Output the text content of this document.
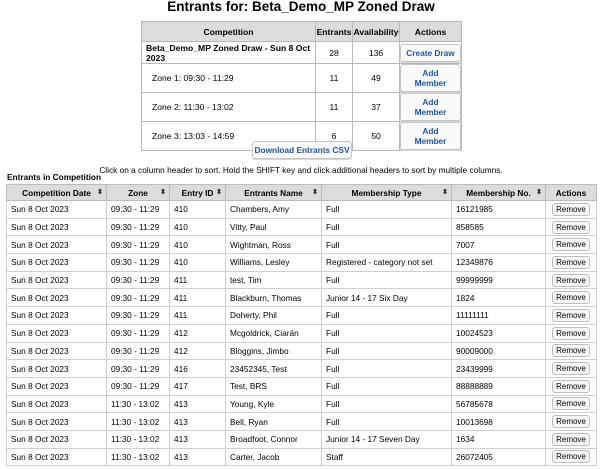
Entrants for: Beta_Demo_MP Zoned Draw
Competition	Entrants	Availability	Actions
Beta_Demo_MP Zoned Draw - Sun 8 Oct 2023	28	136	Create Draw
Zone 1: 09:30 - 11:29	11	49	Add Member
Zone 2: 11:30 - 13:02	11	37	Add Member
Zone 3: 13:03 - 14:59	6	50	Add Member
Download Entrants CSV
Click on a column header to sort. Hold the SHIFT key and click additional headers to sort by multiple columns.
Entrants in Competition
Competition Date ⬍	Zone ⬍	Entry ID ⬍	Entrants Name ⬍	Membership Type ⬍	Membership No. ⬍	Actions
Sun 8 Oct 2023	09:30 - 11:29	410	Chambers, Amy	Full	16121985	Remove
Sun 8 Oct 2023	09:30 - 11:29	410	Vitty, Paul	Full	858585	Remove
Sun 8 Oct 2023	09:30 - 11:29	410	Wightman, Ross	Full	7007	Remove
Sun 8 Oct 2023	09:30 - 11:29	410	Williams, Lesley	Registered - category not set	12349876	Remove
Sun 8 Oct 2023	09:30 - 11:29	411	test, Tim	Full	99999999	Remove
Sun 8 Oct 2023	09:30 - 11:29	411	Blackburn, Thomas	Junior 14 - 17 Six Day	1824	Remove
Sun 8 Oct 2023	09:30 - 11:29	411	Doherty, Phil	Full	11111111	Remove
Sun 8 Oct 2023	09:30 - 11:29	412	Mcgoldrick, Ciarán	Full	10024523	Remove
Sun 8 Oct 2023	09:30 - 11:29	412	Bloggins, Jimbo	Full	90009000	Remove
Sun 8 Oct 2023	09:30 - 11:29	416	23452345, Test	Full	23439999	Remove
Sun 8 Oct 2023	09:30 - 11:29	417	Test, BRS	Full	88888889	Remove
Sun 8 Oct 2023	11:30 - 13:02	413	Young, Kyle	Full	56785678	Remove
Sun 8 Oct 2023	11:30 - 13:02	413	Bell, Ryan	Full	10013698	Remove
Sun 8 Oct 2023	11:30 - 13:02	413	Broadfoot, Connor	Junior 14 - 17 Seven Day	1634	Remove
Sun 8 Oct 2023	11:30 - 13:02	413	Carter, Jacob	Staff	26072405	Remove
